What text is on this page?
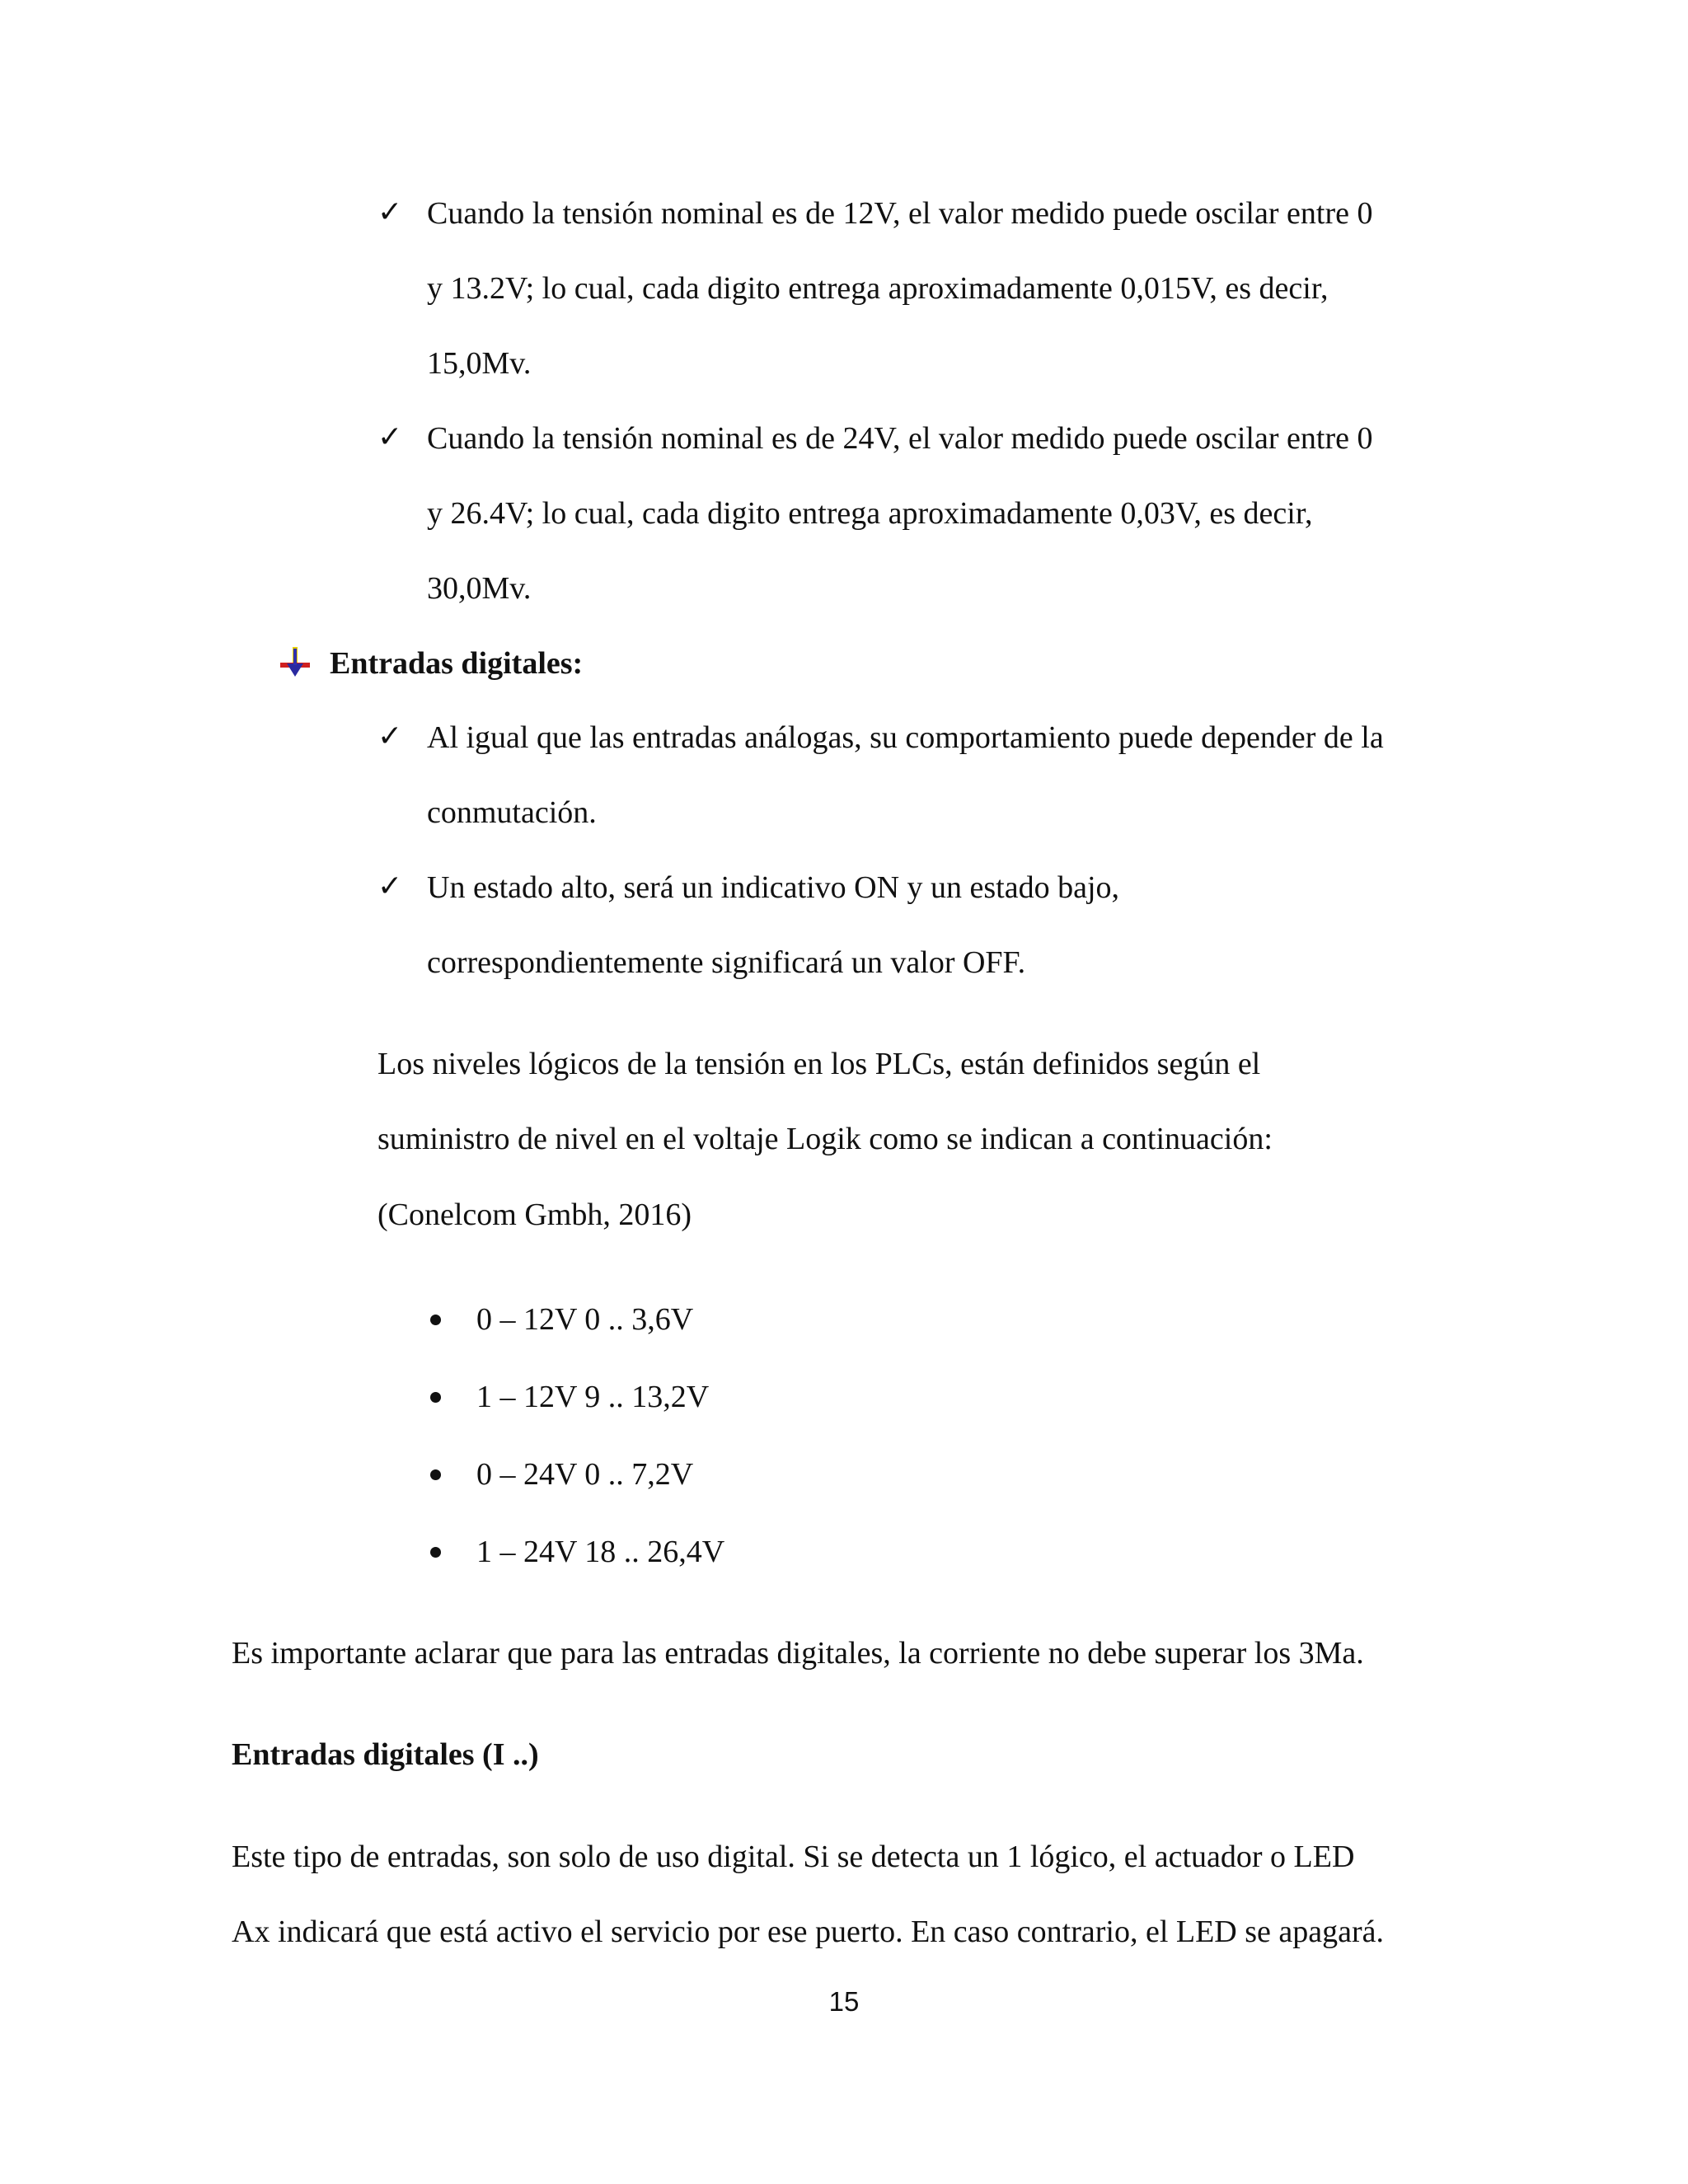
✓ Cuando la tensión nominal es de 12V, el valor medido puede oscilar entre 0
y 13.2V; lo cual, cada digito entrega aproximadamente 0,015V, es decir,
15,0Mv.
✓ Cuando la tensión nominal es de 24V, el valor medido puede oscilar entre 0
y 26.4V; lo cual, cada digito entrega aproximadamente 0,03V, es decir,
30,0Mv.
Entradas digitales:
✓ Al igual que las entradas análogas, su comportamiento puede depender de la
conmutación.
✓ Un estado alto, será un indicativo ON y un estado bajo,
correspondientemente significará un valor OFF.
Los niveles lógicos de la tensión en los PLCs, están definidos según el
suministro de nivel en el voltaje Logik como se indican a continuación:
(Conelcom Gmbh, 2016)
0 – 12V 0 .. 3,6V
1 – 12V 9 .. 13,2V
0 – 24V 0 .. 7,2V
1 – 24V 18 .. 26,4V
Es importante aclarar que para las entradas digitales, la corriente no debe superar los 3Ma.
Entradas digitales (I ..)
Este tipo de entradas, son solo de uso digital. Si se detecta un 1 lógico, el actuador o LED
Ax indicará que está activo el servicio por ese puerto. En caso contrario, el LED se apagará.
15
